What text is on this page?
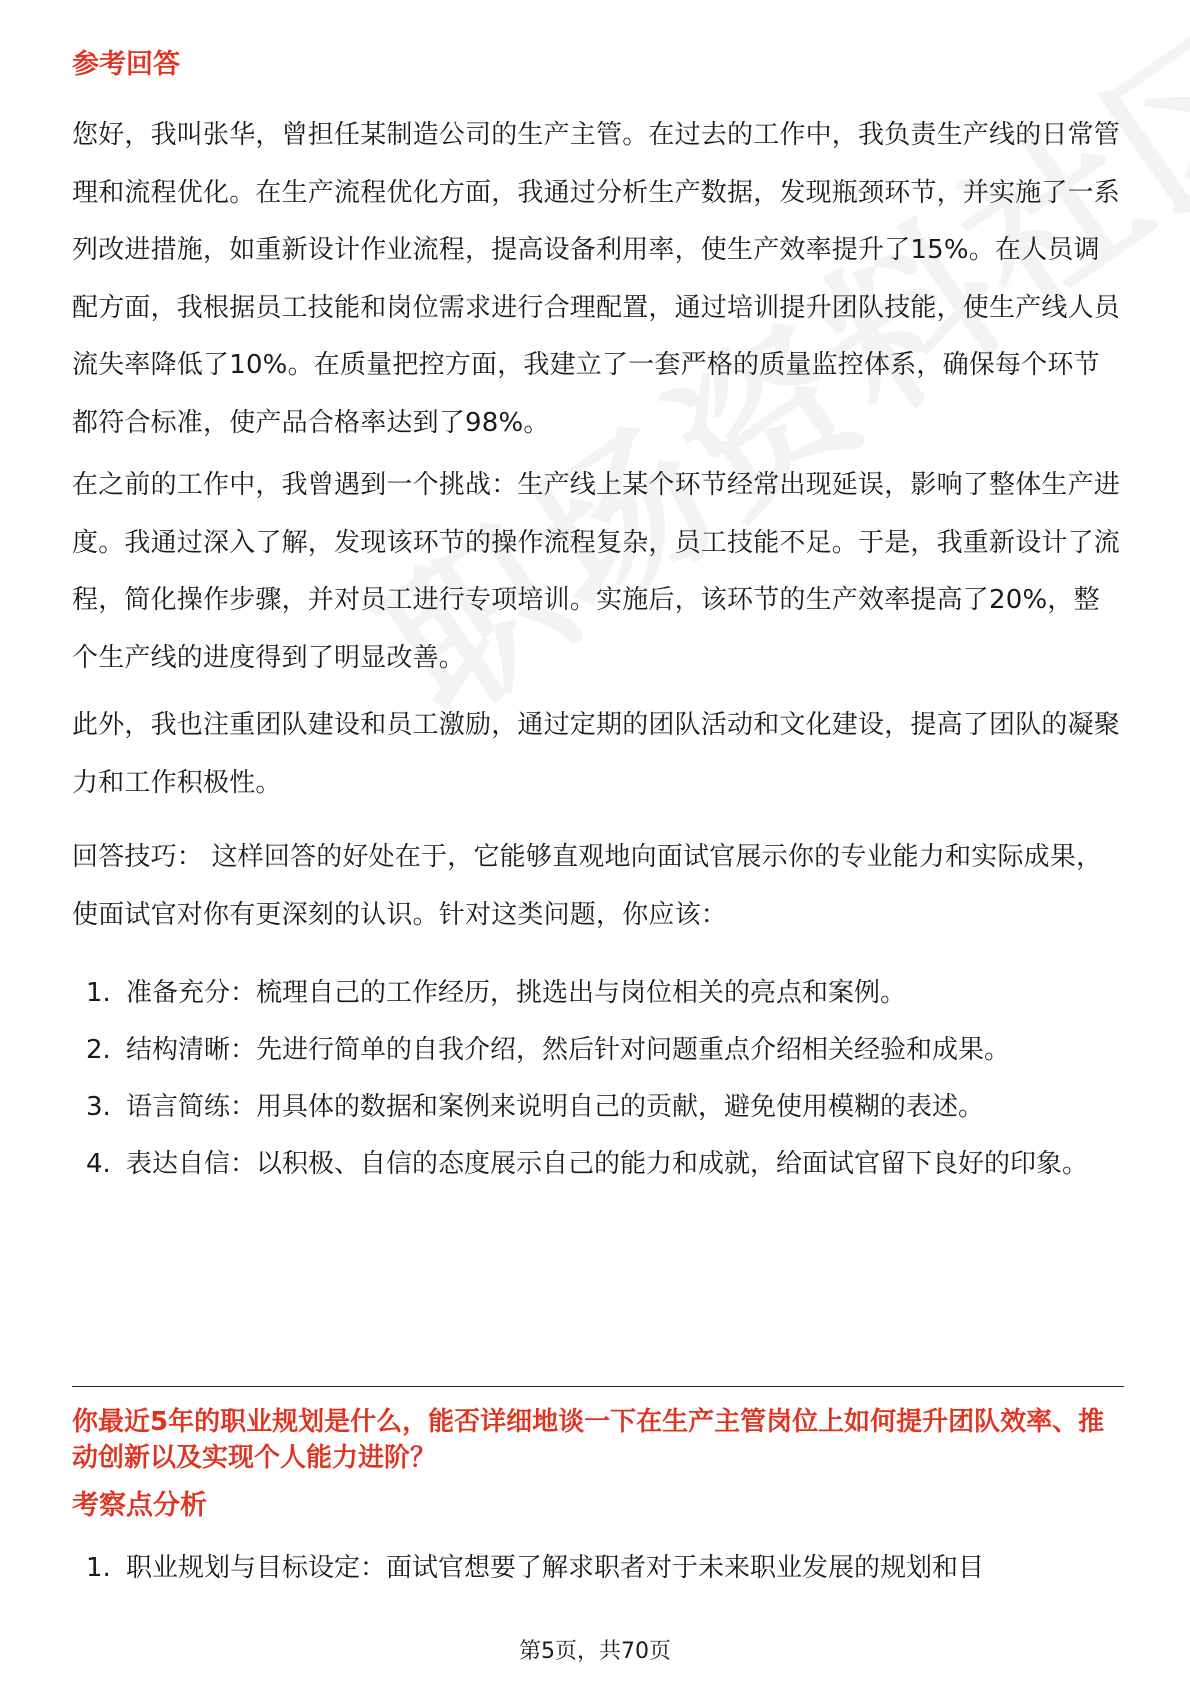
参考回答

您好，我叫张华，曾担任某制造公司的生产主管。在过去的工作中，我负责生产线的日常管理和流程优化。在生产流程优化方面，我通过分析生产数据，发现瓶颈环节，并实施了一系列改进措施，如重新设计作业流程，提高设备利用率，使生产效率提升了15%。在人员调配方面，我根据员工技能和岗位需求进行合理配置，通过培训提升团队技能，使生产线人员流失率降低了10%。在质量把控方面，我建立了一套严格的质量监控体系，确保每个环节都符合标准，使产品合格率达到了98%。

在之前的工作中，我曾遇到一个挑战：生产线上某个环节经常出现延误，影响了整体生产进度。我通过深入了解，发现该环节的操作流程复杂，员工技能不足。于是，我重新设计了流程，简化操作步骤，并对员工进行专项培训。实施后，该环节的生产效率提高了20%，整个生产线的进度得到了明显改善。

此外，我也注重团队建设和员工激励，通过定期的团队活动和文化建设，提高了团队的凝聚力和工作积极性。

回答技巧： 这样回答的好处在于，它能够直观地向面试官展示你的专业能力和实际成果，使面试官对你有更深刻的认识。针对这类问题，你应该：

1. 准备充分：梳理自己的工作经历，挑选出与岗位相关的亮点和案例。
2. 结构清晰：先进行简单的自我介绍，然后针对问题重点介绍相关经验和成果。
3. 语言简练：用具体的数据和案例来说明自己的贡献，避免使用模糊的表述。
4. 表达自信：以积极、自信的态度展示自己的能力和成就，给面试官留下良好的印象。
你最近5年的职业规划是什么，能否详细地谈一下在生产主管岗位上如何提升团队效率、推动创新以及实现个人能力进阶？
考察点分析
1. 职业规划与目标设定：面试官想要了解求职者对于未来职业发展的规划和目
第5页，共70页
